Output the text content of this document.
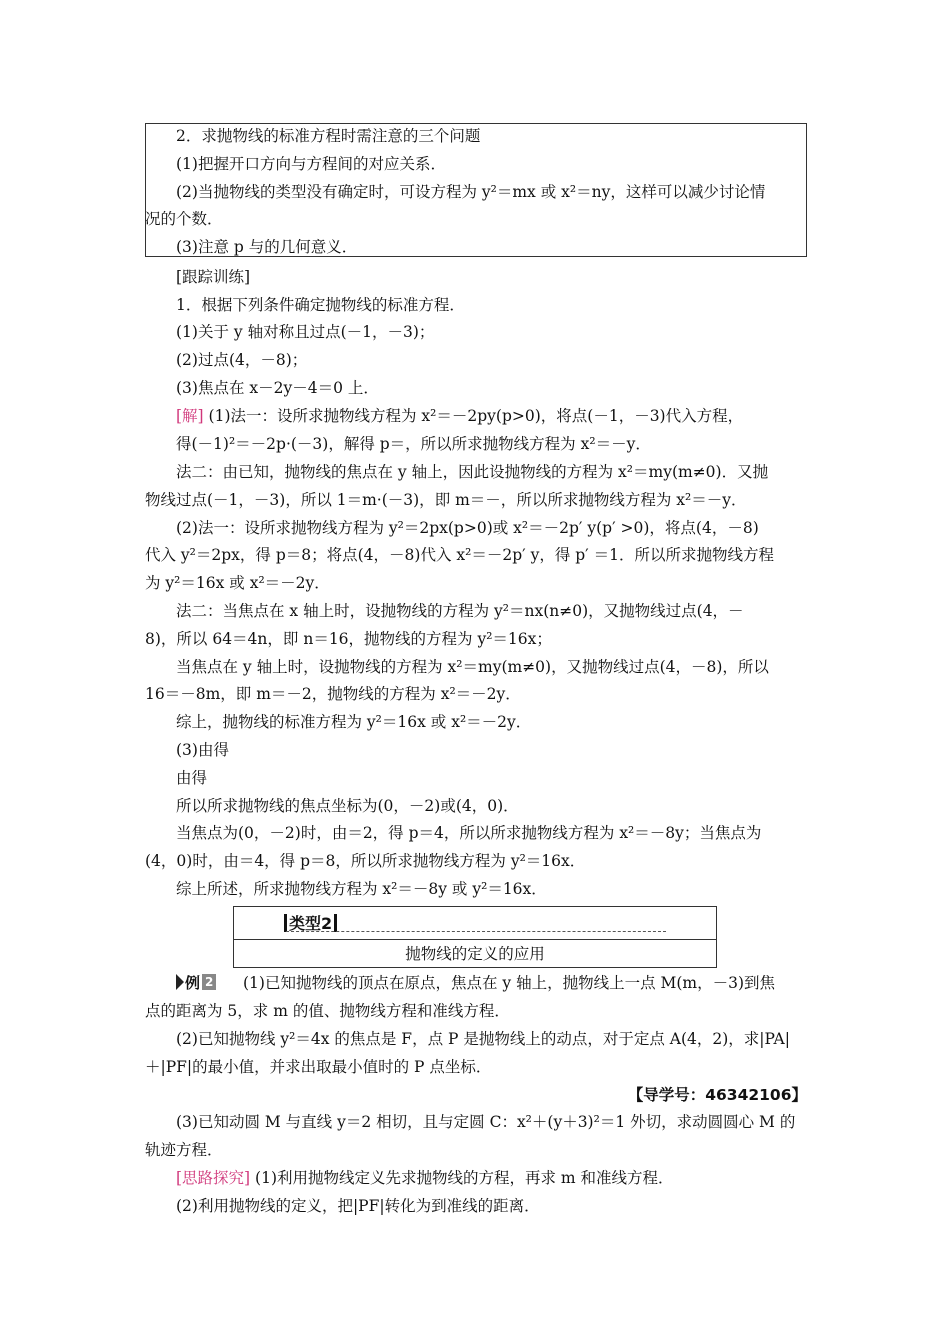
2．求抛物线的标准方程时需注意的三个问题
(1)把握开口方向与方程间的对应关系．
(2)当抛物线的类型没有确定时，可设方程为 y²＝mx 或 x²＝ny，这样可以减少讨论情
况的个数．
(3)注意 p 与的几何意义．
[跟踪训练]
1．根据下列条件确定抛物线的标准方程．
(1)关于 y 轴对称且过点(－1，－3)；
(2)过点(4，－8)；
(3)焦点在 x－2y－4＝0 上．
[解] (1)法一：设所求抛物线方程为 x²＝－2py(p>0)，将点(－1，－3)代入方程，
得(－1)²＝－2p·(－3)，解得 p＝，所以所求抛物线方程为 x²＝－y．
法二：由已知，抛物线的焦点在 y 轴上，因此设抛物线的方程为 x²＝my(m≠0)．又抛
物线过点(－1，－3)，所以 1＝m·(－3)，即 m＝－，所以所求抛物线方程为 x²＝－y．
(2)法一：设所求抛物线方程为 y²＝2px(p>0)或 x²＝－2p′ y(p′ >0)，将点(4，－8)
代入 y²＝2px，得 p＝8；将点(4，－8)代入 x²＝－2p′ y，得 p′ ＝1．所以所求抛物线方程
为 y²＝16x 或 x²＝－2y．
法二：当焦点在 x 轴上时，设抛物线的方程为 y²＝nx(n≠0)，又抛物线过点(4，－
8)，所以 64＝4n，即 n＝16，抛物线的方程为 y²＝16x；
当焦点在 y 轴上时，设抛物线的方程为 x²＝my(m≠0)，又抛物线过点(4，－8)，所以
16＝－8m，即 m＝－2，抛物线的方程为 x²＝－2y．
综上，抛物线的标准方程为 y²＝16x 或 x²＝－2y．
(3)由得
由得
所以所求抛物线的焦点坐标为(0，－2)或(4，0)．
当焦点为(0，－2)时，由＝2，得 p＝4，所以所求抛物线方程为 x²＝－8y；当焦点为
(4，0)时，由＝4，得 p＝8，所以所求抛物线方程为 y²＝16x．
综上所述，所求抛物线方程为 x²＝－8y 或 y²＝16x．
类型2
抛物线的定义的应用
例 2 (1)已知抛物线的顶点在原点，焦点在 y 轴上，抛物线上一点 M(m，－3)到焦
点的距离为 5，求 m 的值、抛物线方程和准线方程．
(2)已知抛物线 y²＝4x 的焦点是 F，点 P 是抛物线上的动点，对于定点 A(4，2)，求|PA|
＋|PF|的最小值，并求出取最小值时的 P 点坐标．
【导学号：46342106】
(3)已知动圆 M 与直线 y＝2 相切，且与定圆 C：x²＋(y＋3)²＝1 外切，求动圆圆心 M 的
轨迹方程．
[思路探究] (1)利用抛物线定义先求抛物线的方程，再求 m 和准线方程．
(2)利用抛物线的定义，把|PF|转化为到准线的距离．
